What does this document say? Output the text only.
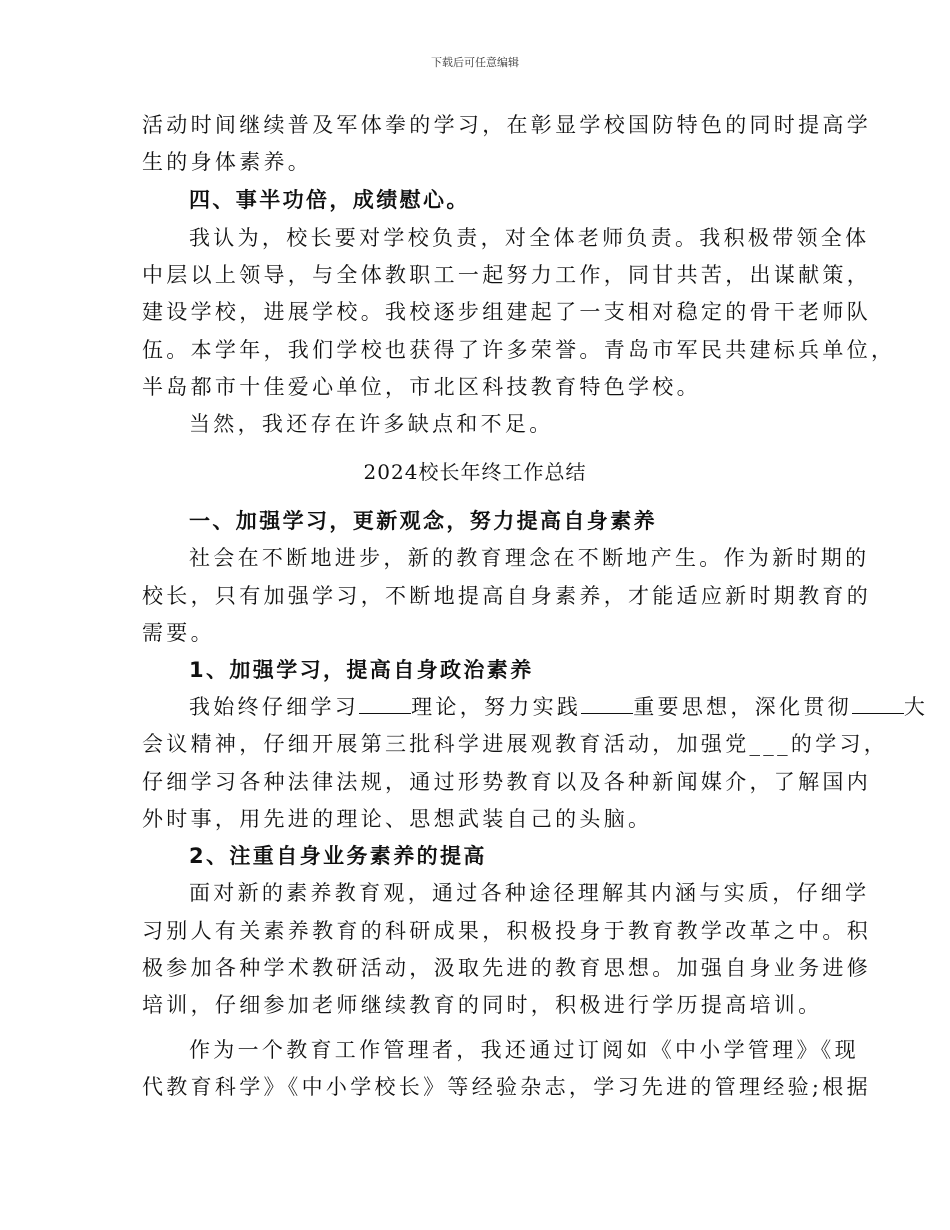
下载后可任意编辑
活动时间继续普及军体拳的学习，在彰显学校国防特色的同时提高学
生的身体素养。
四、事半功倍，成绩慰心。
我认为，校长要对学校负责，对全体老师负责。我积极带领全体
中层以上领导，与全体教职工一起努力工作，同甘共苦，出谋献策，
建设学校，进展学校。我校逐步组建起了一支相对稳定的骨干老师队
伍。本学年，我们学校也获得了许多荣誉。青岛市军民共建标兵单位，
半岛都市十佳爱心单位，市北区科技教育特色学校。
当然，我还存在许多缺点和不足。
2024校长年终工作总结
一、加强学习，更新观念，努力提高自身素养
社会在不断地进步，新的教育理念在不断地产生。作为新时期的
校长，只有加强学习，不断地提高自身素养，才能适应新时期教育的
需要。
1、加强学习，提高自身政治素养
我始终仔细学习 理论，努力实践 重要思想，深化贯彻 大
会议精神，仔细开展第三批科学进展观教育活动，加强党___的学习，
仔细学习各种法律法规，通过形势教育以及各种新闻媒介，了解国内
外时事，用先进的理论、思想武装自己的头脑。
2、注重自身业务素养的提高
面对新的素养教育观，通过各种途径理解其内涵与实质，仔细学
习别人有关素养教育的科研成果，积极投身于教育教学改革之中。积
极参加各种学术教研活动，汲取先进的教育思想。加强自身业务进修
培训，仔细参加老师继续教育的同时，积极进行学历提高培训。
作为一个教育工作管理者，我还通过订阅如《中小学管理》《现
代教育科学》《中小学校长》等经验杂志，学习先进的管理经验;根据
